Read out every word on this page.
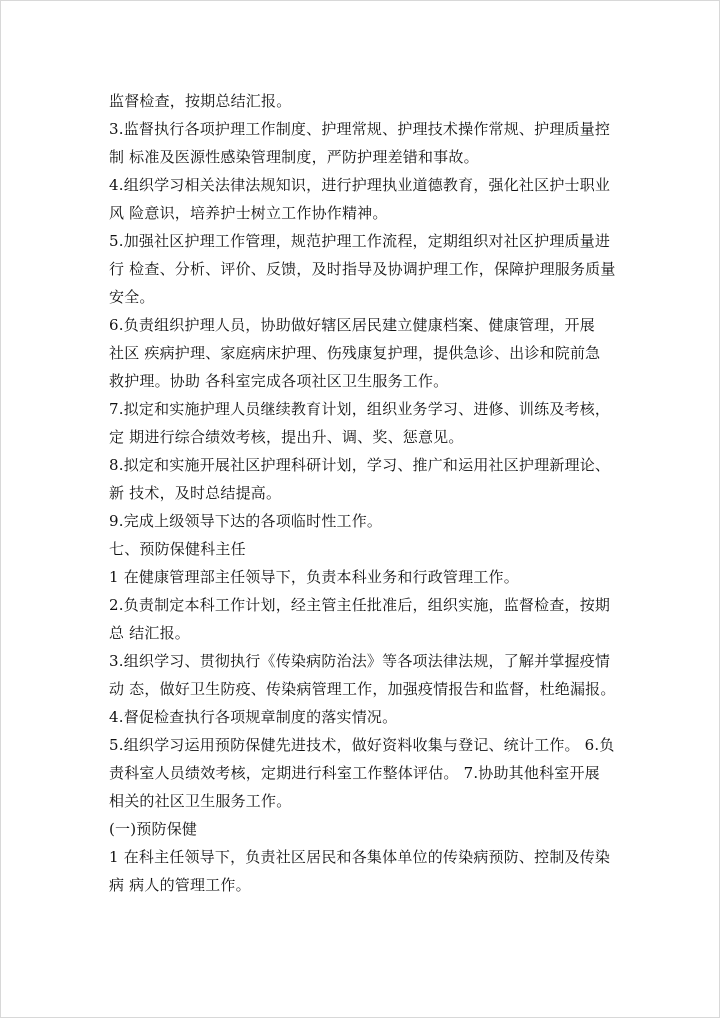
监督检查，按期总结汇报。
3.监督执行各项护理工作制度、护理常规、护理技术操作常规、护理质量控
制 标准及医源性感染管理制度，严防护理差错和事故。
4.组织学习相关法律法规知识，进行护理执业道德教育，强化社区护士职业
风 险意识，培养护士树立工作协作精神。
5.加强社区护理工作管理，规范护理工作流程，定期组织对社区护理质量进
行 检查、分析、评价、反馈，及时指导及协调护理工作，保障护理服务质量
安全。
6.负责组织护理人员，协助做好辖区居民建立健康档案、健康管理，开展
社区 疾病护理、家庭病床护理、伤残康复护理，提供急诊、出诊和院前急
救护理。协助 各科室完成各项社区卫生服务工作。
7.拟定和实施护理人员继续教育计划，组织业务学习、进修、训练及考核，
定 期进行综合绩效考核，提出升、调、奖、惩意见。
8.拟定和实施开展社区护理科研计划，学习、推广和运用社区护理新理论、
新 技术，及时总结提高。
9.完成上级领导下达的各项临时性工作。
七、预防保健科主任
1 在健康管理部主任领导下，负责本科业务和行政管理工作。
2.负责制定本科工作计划，经主管主任批准后，组织实施，监督检查，按期
总 结汇报。
3.组织学习、贯彻执行《传染病防治法》等各项法律法规，了解并掌握疫情
动 态，做好卫生防疫、传染病管理工作，加强疫情报告和监督，杜绝漏报。
4.督促检查执行各项规章制度的落实情况。
5.组织学习运用预防保健先进技术，做好资料收集与登记、统计工作。 6.负
责科室人员绩效考核，定期进行科室工作整体评估。 7.协助其他科室开展
相关的社区卫生服务工作。
(一)预防保健
1 在科主任领导下，负责社区居民和各集体单位的传染病预防、控制及传染
病 病人的管理工作。
